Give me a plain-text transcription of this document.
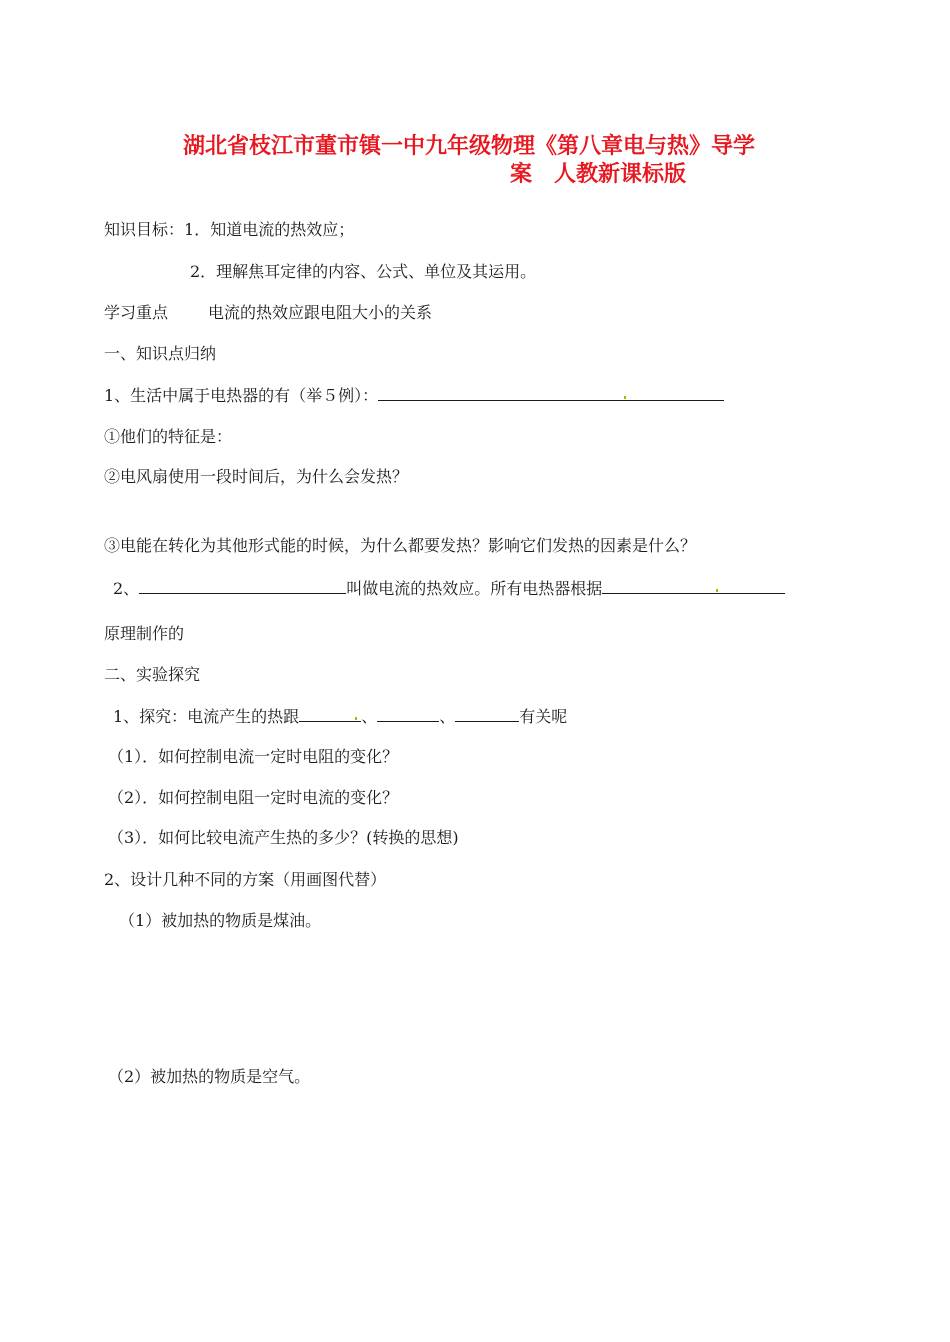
湖北省枝江市董市镇一中九年级物理《第八章电与热》导学
案　人教新课标版
知识目标：1．知道电流的热效应；
2．理解焦耳定律的内容、公式、单位及其运用。
学习重点	电流的热效应跟电阻大小的关系
一、知识点归纳
1、生活中属于电热器的有（举５例）：
①他们的特征是：
②电风扇使用一段时间后，为什么会发热？
③电能在转化为其他形式能的时候，为什么都要发热？影响它们发热的因素是什么？
2、	叫做电流的热效应。所有电热器根据
原理制作的
二、实验探究
1、探究：电流产生的热跟	、	、	有关呢
（1）．如何控制电流一定时电阻的变化？
（2）．如何控制电阻一定时电流的变化？
（3）．如何比较电流产生热的多少？(转换的思想)
2、设计几种不同的方案（用画图代替）
（1）被加热的物质是煤油。
（2）被加热的物质是空气。
